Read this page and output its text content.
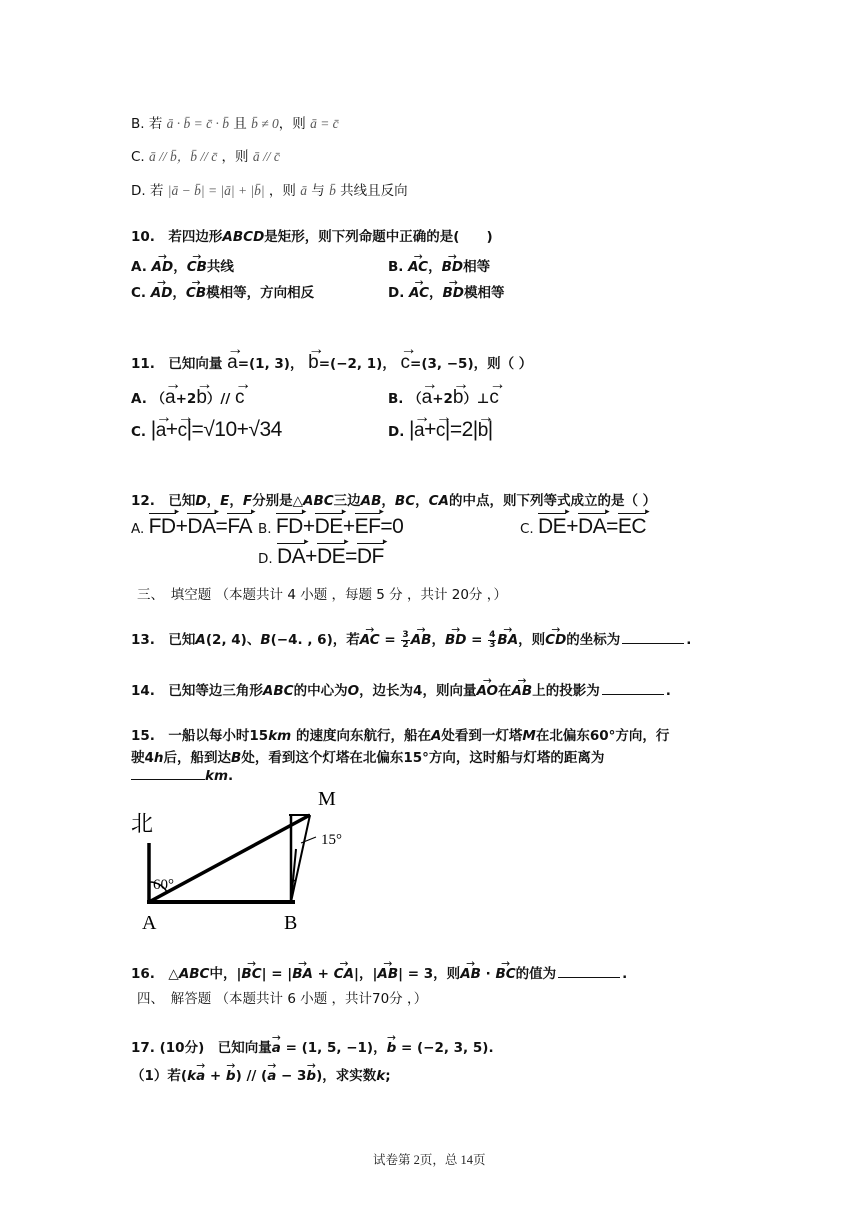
B. 若 ā · b̄ = c̄ · b̄ 且 b̄ ≠ 0，则 ā = c̄
C. ā // b̄，b̄ // c̄ ，则 ā // c̄
D. 若 |ā − b̄| = |ā| + |b̄| ，则 ā 与 b̄ 共线且反向
10.　若四边形ABCD是矩形，则下列命题中正确的是(　　)
A. → AD，→ CB共线	B. → AC，→ BD相等
C. → AD，→ CB模相等，方向相反	D. → AC，→ BD模相等
11.　已知向量 → a=(1, 3)， → b=(−2, 1)， → c=(3, −5)，则（ ）
A. （→ a+2→ b）// → c	B. （→ a+2→ b）⊥→ c
C. |→ a+→ c|=√10+√34	D. |→ a+→ c|=2|→ b|
12.　已知D，E，F分别是△ABC三边AB，BC，CA的中点，则下列等式成立的是（ ）
A. FD ▸+DA ▸=FA ▸ B. FD ▸+DE ▸+EF ▸=0	C. DE ▸+DA ▸=EC ▸
D. DA ▸+DE ▸=DF ▸
三、　填空题 （本题共计 4 小题 ，每题 5 分 ，共计 20分 ，）
13.　已知A(2, 4)、B(−4. , 6)，若→ AC = $\frac{3}{2}$ → AB，→ BD = $\frac{4}{3}$ → BA，则→ CD的坐标为	.
14.　已知等边三角形ABC的中心为O，边长为4，则向量→ AO在→ AB上的投影为	.
15.　一船以每小时15km 的速度向东航行，船在A处看到一灯塔M在北偏东60°方向，行
驶4h后，船到达B处，看到这个灯塔在北偏东15°方向，这时船与灯塔的距离为
km.
北
60°
15°
A	B
M
16.　△ABC中，|→ BC| = |→ BA + → CA|，|→ AB| = 3，则→ AB · → BC的值为	.
四、　解答题 （本题共计 6 小题 ，共计70分 ，）
17. (10分)　已知向量→ a = (1, 5, −1)，→ b = (−2, 3, 5).
（1）若(k→ a + → b) // (→ a − 3→ b)，求实数k;
试卷第 2页，总 14页
